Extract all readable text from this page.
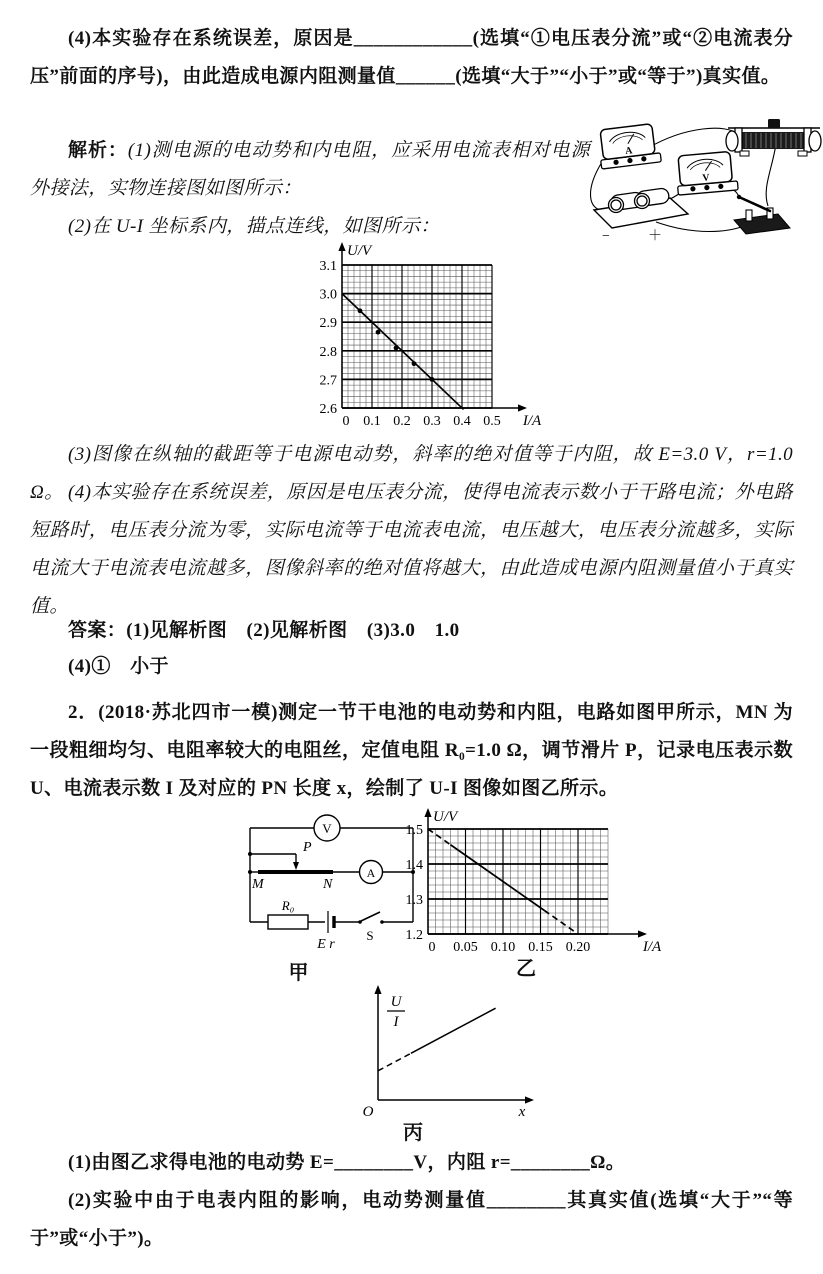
(4)本实验存在系统误差，原因是____________(选填“①电压表分流”或“②电流表分压”前面的序号)，由此造成电源内阻测量值______(选填“大于”“小于”或“等于”)真实值。
解析：(1)测电源的电动势和内电阻，应采用电流表相对电源外接法，实物连接图如图所示：
(2)在 U-I 坐标系内，描点连线，如图所示：
A
V
−	＋
2.6
2.7
2.8
2.9
3.0
3.1
0 0.1 0.2 0.3 0.4 0.5
U/V
I/A
(3)图像在纵轴的截距等于电源电动势，斜率的绝对值等于内阻，故 E=3.0 V，r=1.0 Ω。 (4)本实验存在系统误差，原因是电压表分流，使得电流表示数小于干路电流；外电路短路时，电压表分流为零，实际电流等于电流表电流，电压越大，电压表分流越多，实际电流大于电流表电流越多，图像斜率的绝对值将越大，由此造成电源内阻测量值小于真实值。
答案：(1)见解析图　(2)见解析图　(3)3.0　1.0
(4)①　小于
2．(2018·苏北四市一模)测定一节干电池的电动势和内阻，电路如图甲所示，MN 为一段粗细均匀、电阻率较大的电阻丝，定值电阻 R₀=1.0 Ω，调节滑片 P，记录电压表示数 U、电流表示数 I 及对应的 PN 长度 x，绘制了 U-I 图像如图乙所示。
V
A
P
M	N
R₀
E r
S
甲
1.2
1.3
1.4
1.5
0 0.05 0.10 0.15 0.20
U/V
I/A
乙
U
I
O	x
丙
(1)由图乙求得电池的电动势 E=________V，内阻 r=________Ω。
(2)实验中由于电表内阻的影响，电动势测量值________其真实值(选填“大于”“等于”或“小于”)。
